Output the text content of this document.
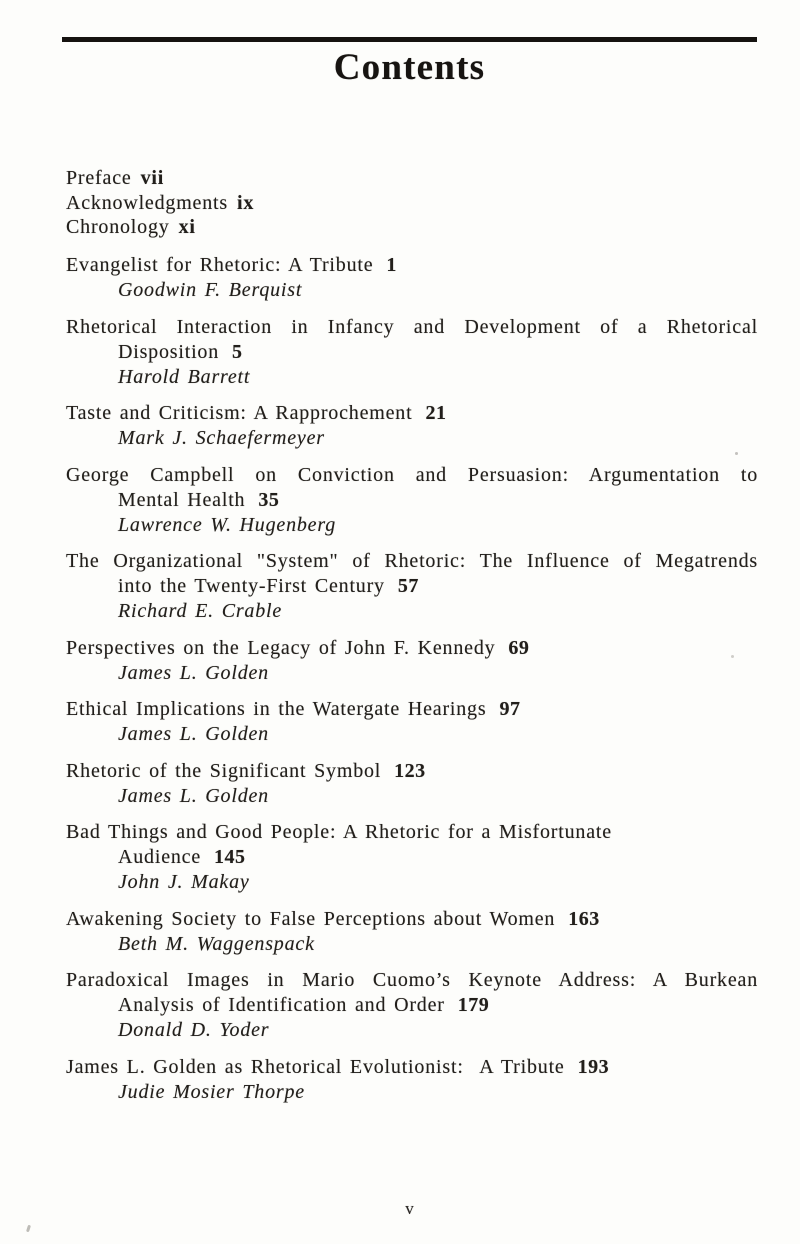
Contents
Preface vii
Acknowledgments ix
Chronology xi
Evangelist for Rhetoric: A Tribute 1
Goodwin F. Berquist
Rhetorical Interaction in Infancy and Development of a Rhetorical
Disposition 5
Harold Barrett
Taste and Criticism: A Rapprochement 21
Mark J. Schaefermeyer
George Campbell on Conviction and Persuasion: Argumentation to
Mental Health 35
Lawrence W. Hugenberg
The Organizational "System" of Rhetoric: The Influence of Megatrends
into the Twenty-First Century 57
Richard E. Crable
Perspectives on the Legacy of John F. Kennedy 69
James L. Golden
Ethical Implications in the Watergate Hearings 97
James L. Golden
Rhetoric of the Significant Symbol 123
James L. Golden
Bad Things and Good People: A Rhetoric for a Misfortunate
Audience 145
John J. Makay
Awakening Society to False Perceptions about Women 163
Beth M. Waggenspack
Paradoxical Images in Mario Cuomo’s Keynote Address: A Burkean
Analysis of Identification and Order 179
Donald D. Yoder
James L. Golden as Rhetorical Evolutionist:  A Tribute 193
Judie Mosier Thorpe
v
